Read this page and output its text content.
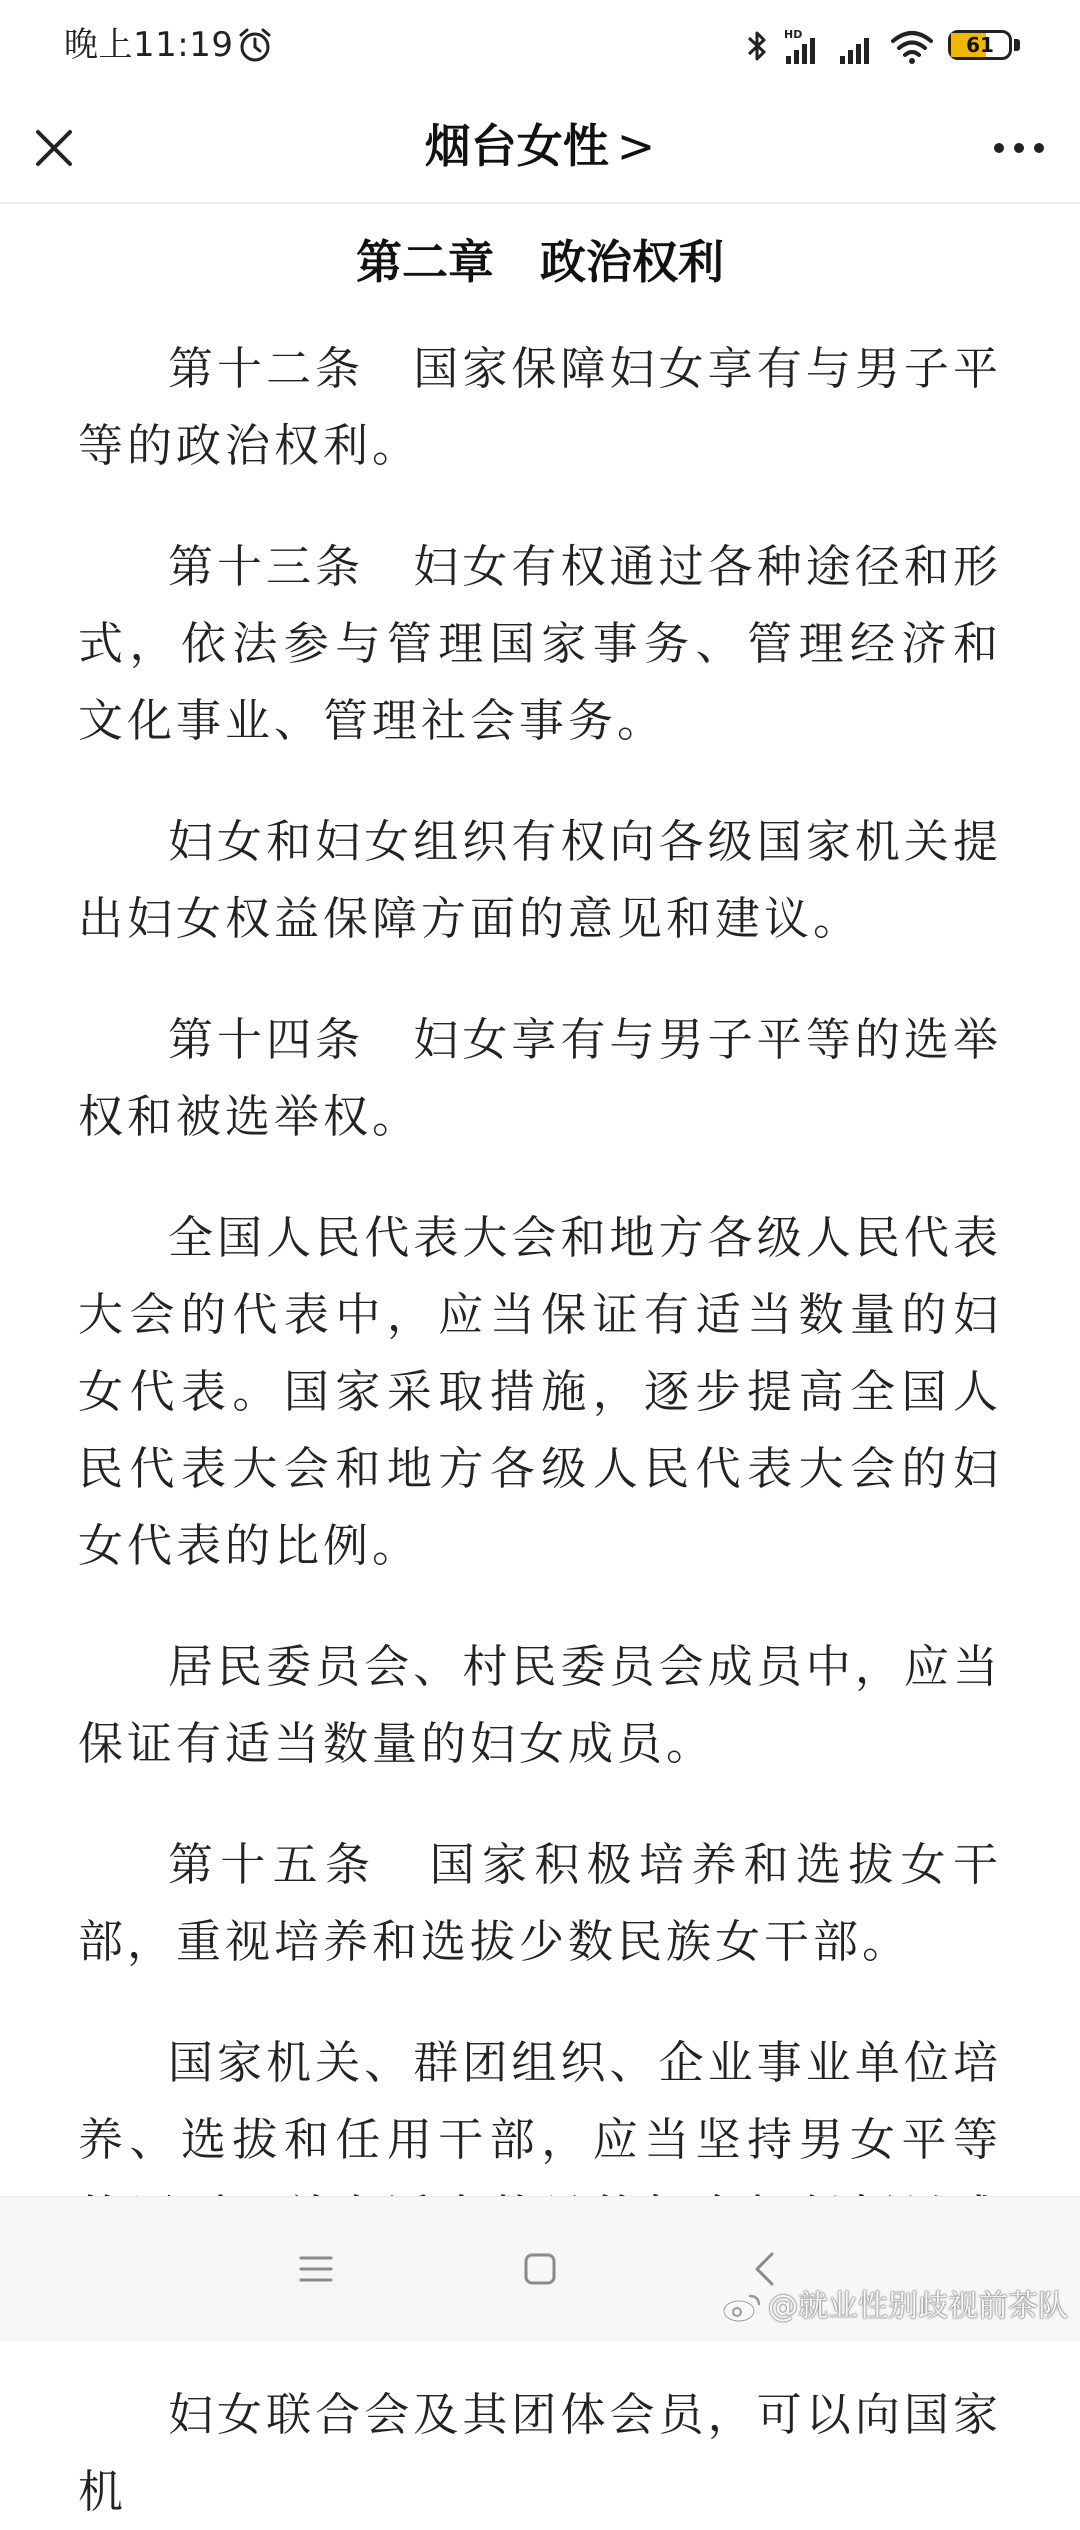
晚上11:19	HD	61
烟台女性 >
第二章　政治权利

第十二条　国家保障妇女享有与男子平等的政治权利。

第十三条　妇女有权通过各种途径和形式，依法参与管理国家事务、管理经济和文化事业、管理社会事务。

妇女和妇女组织有权向各级国家机关提出妇女权益保障方面的意见和建议。

第十四条　妇女享有与男子平等的选举权和被选举权。

全国人民代表大会和地方各级人民代表大会的代表中，应当保证有适当数量的妇女代表。国家采取措施，逐步提高全国人民代表大会和地方各级人民代表大会的妇女代表的比例。

居民委员会、村民委员会成员中，应当保证有适当数量的妇女成员。

第十五条　国家积极培养和选拔女干部，重视培养和选拔少数民族女干部。

国家机关、群团组织、企业事业单位培养、选拔和任用干部，应当坚持男女平等

妇女联合会及其团体会员，可以向国家机

@就业性别歧视前茶队
